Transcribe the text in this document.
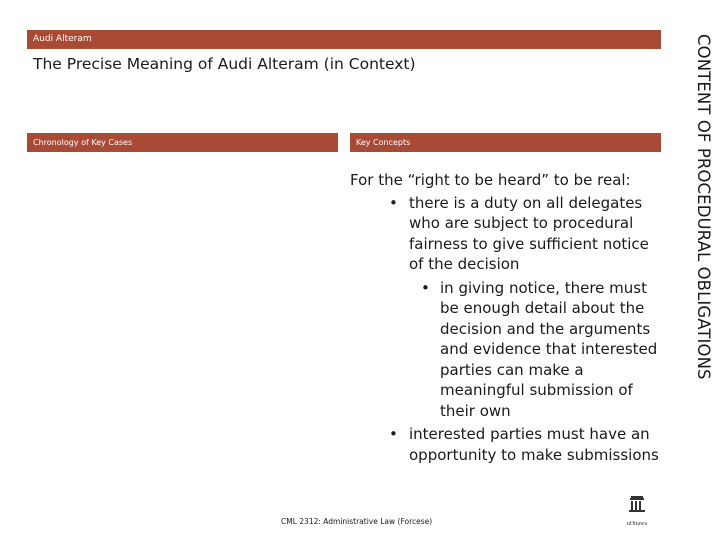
Audi Alteram
The Precise Meaning of Audi Alteram (in Context)
Chronology of Key Cases	Key Concepts

For the “right to be heard” to be real:

• there is a duty on all delegates who are subject to procedural fairness to give sufficient notice of the decision
• in giving notice, there must be enough detail about the decision and the arguments and evidence that interested parties can make a meaningful submission of their own
• interested parties must have an opportunity to make submissions
CONTENT OF PROCEDURAL OBLIGATIONS
CML 2312: Administrative Law (Forcese)	uOttawa
